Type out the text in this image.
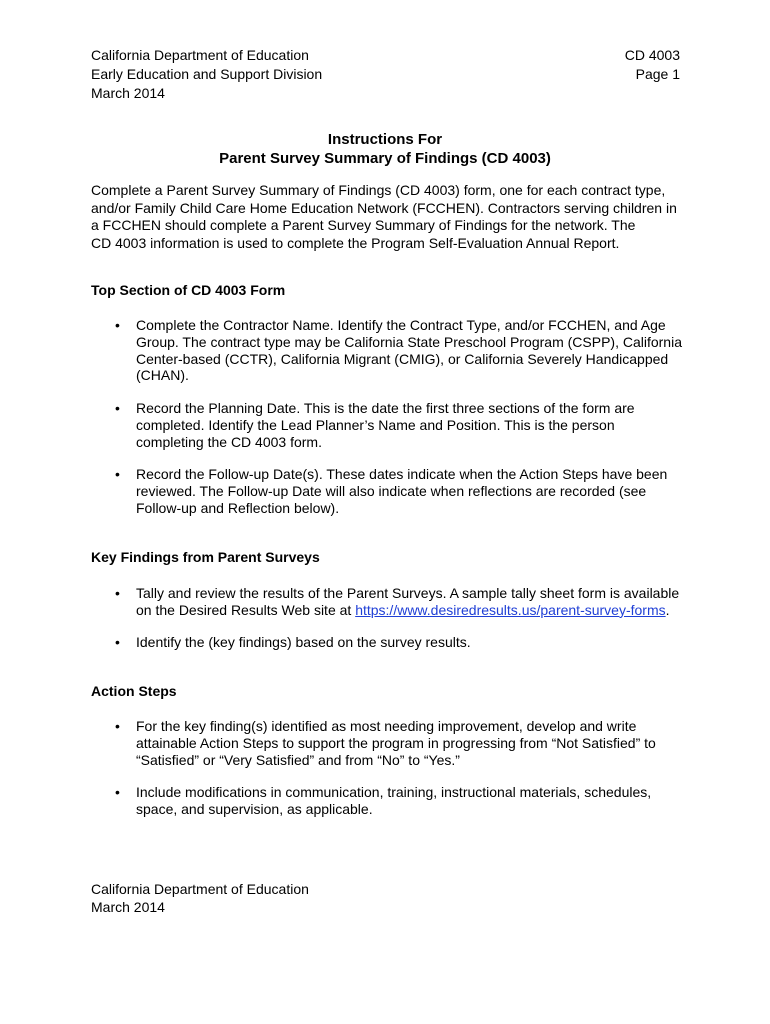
California Department of Education
Early Education and Support Division
March 2014
CD 4003
Page 1
Instructions For
Parent Survey Summary of Findings (CD 4003)
Complete a Parent Survey Summary of Findings (CD 4003) form, one for each contract type,
and/or Family Child Care Home Education Network (FCCHEN). Contractors serving children in
a FCCHEN should complete a Parent Survey Summary of Findings for the network. The
CD 4003 information is used to complete the Program Self-Evaluation Annual Report.
Top Section of CD 4003 Form
•	Complete the Contractor Name. Identify the Contract Type, and/or FCCHEN, and Age
Group. The contract type may be California State Preschool Program (CSPP), California
Center-based (CCTR), California Migrant (CMIG), or California Severely Handicapped
(CHAN).
•	Record the Planning Date. This is the date the first three sections of the form are
completed. Identify the Lead Planner’s Name and Position. This is the person
completing the CD 4003 form.
•	Record the Follow-up Date(s). These dates indicate when the Action Steps have been
reviewed. The Follow-up Date will also indicate when reflections are recorded (see
Follow-up and Reflection below).
Key Findings from Parent Surveys
•	Tally and review the results of the Parent Surveys. A sample tally sheet form is available
on the Desired Results Web site at https://www.desiredresults.us/parent-survey-forms.
•	Identify the (key findings) based on the survey results.
Action Steps
•	For the key finding(s) identified as most needing improvement, develop and write
attainable Action Steps to support the program in progressing from “Not Satisfied” to
“Satisfied” or “Very Satisfied” and from “No” to “Yes.”
•	Include modifications in communication, training, instructional materials, schedules,
space, and supervision, as applicable.
California Department of Education
March 2014
